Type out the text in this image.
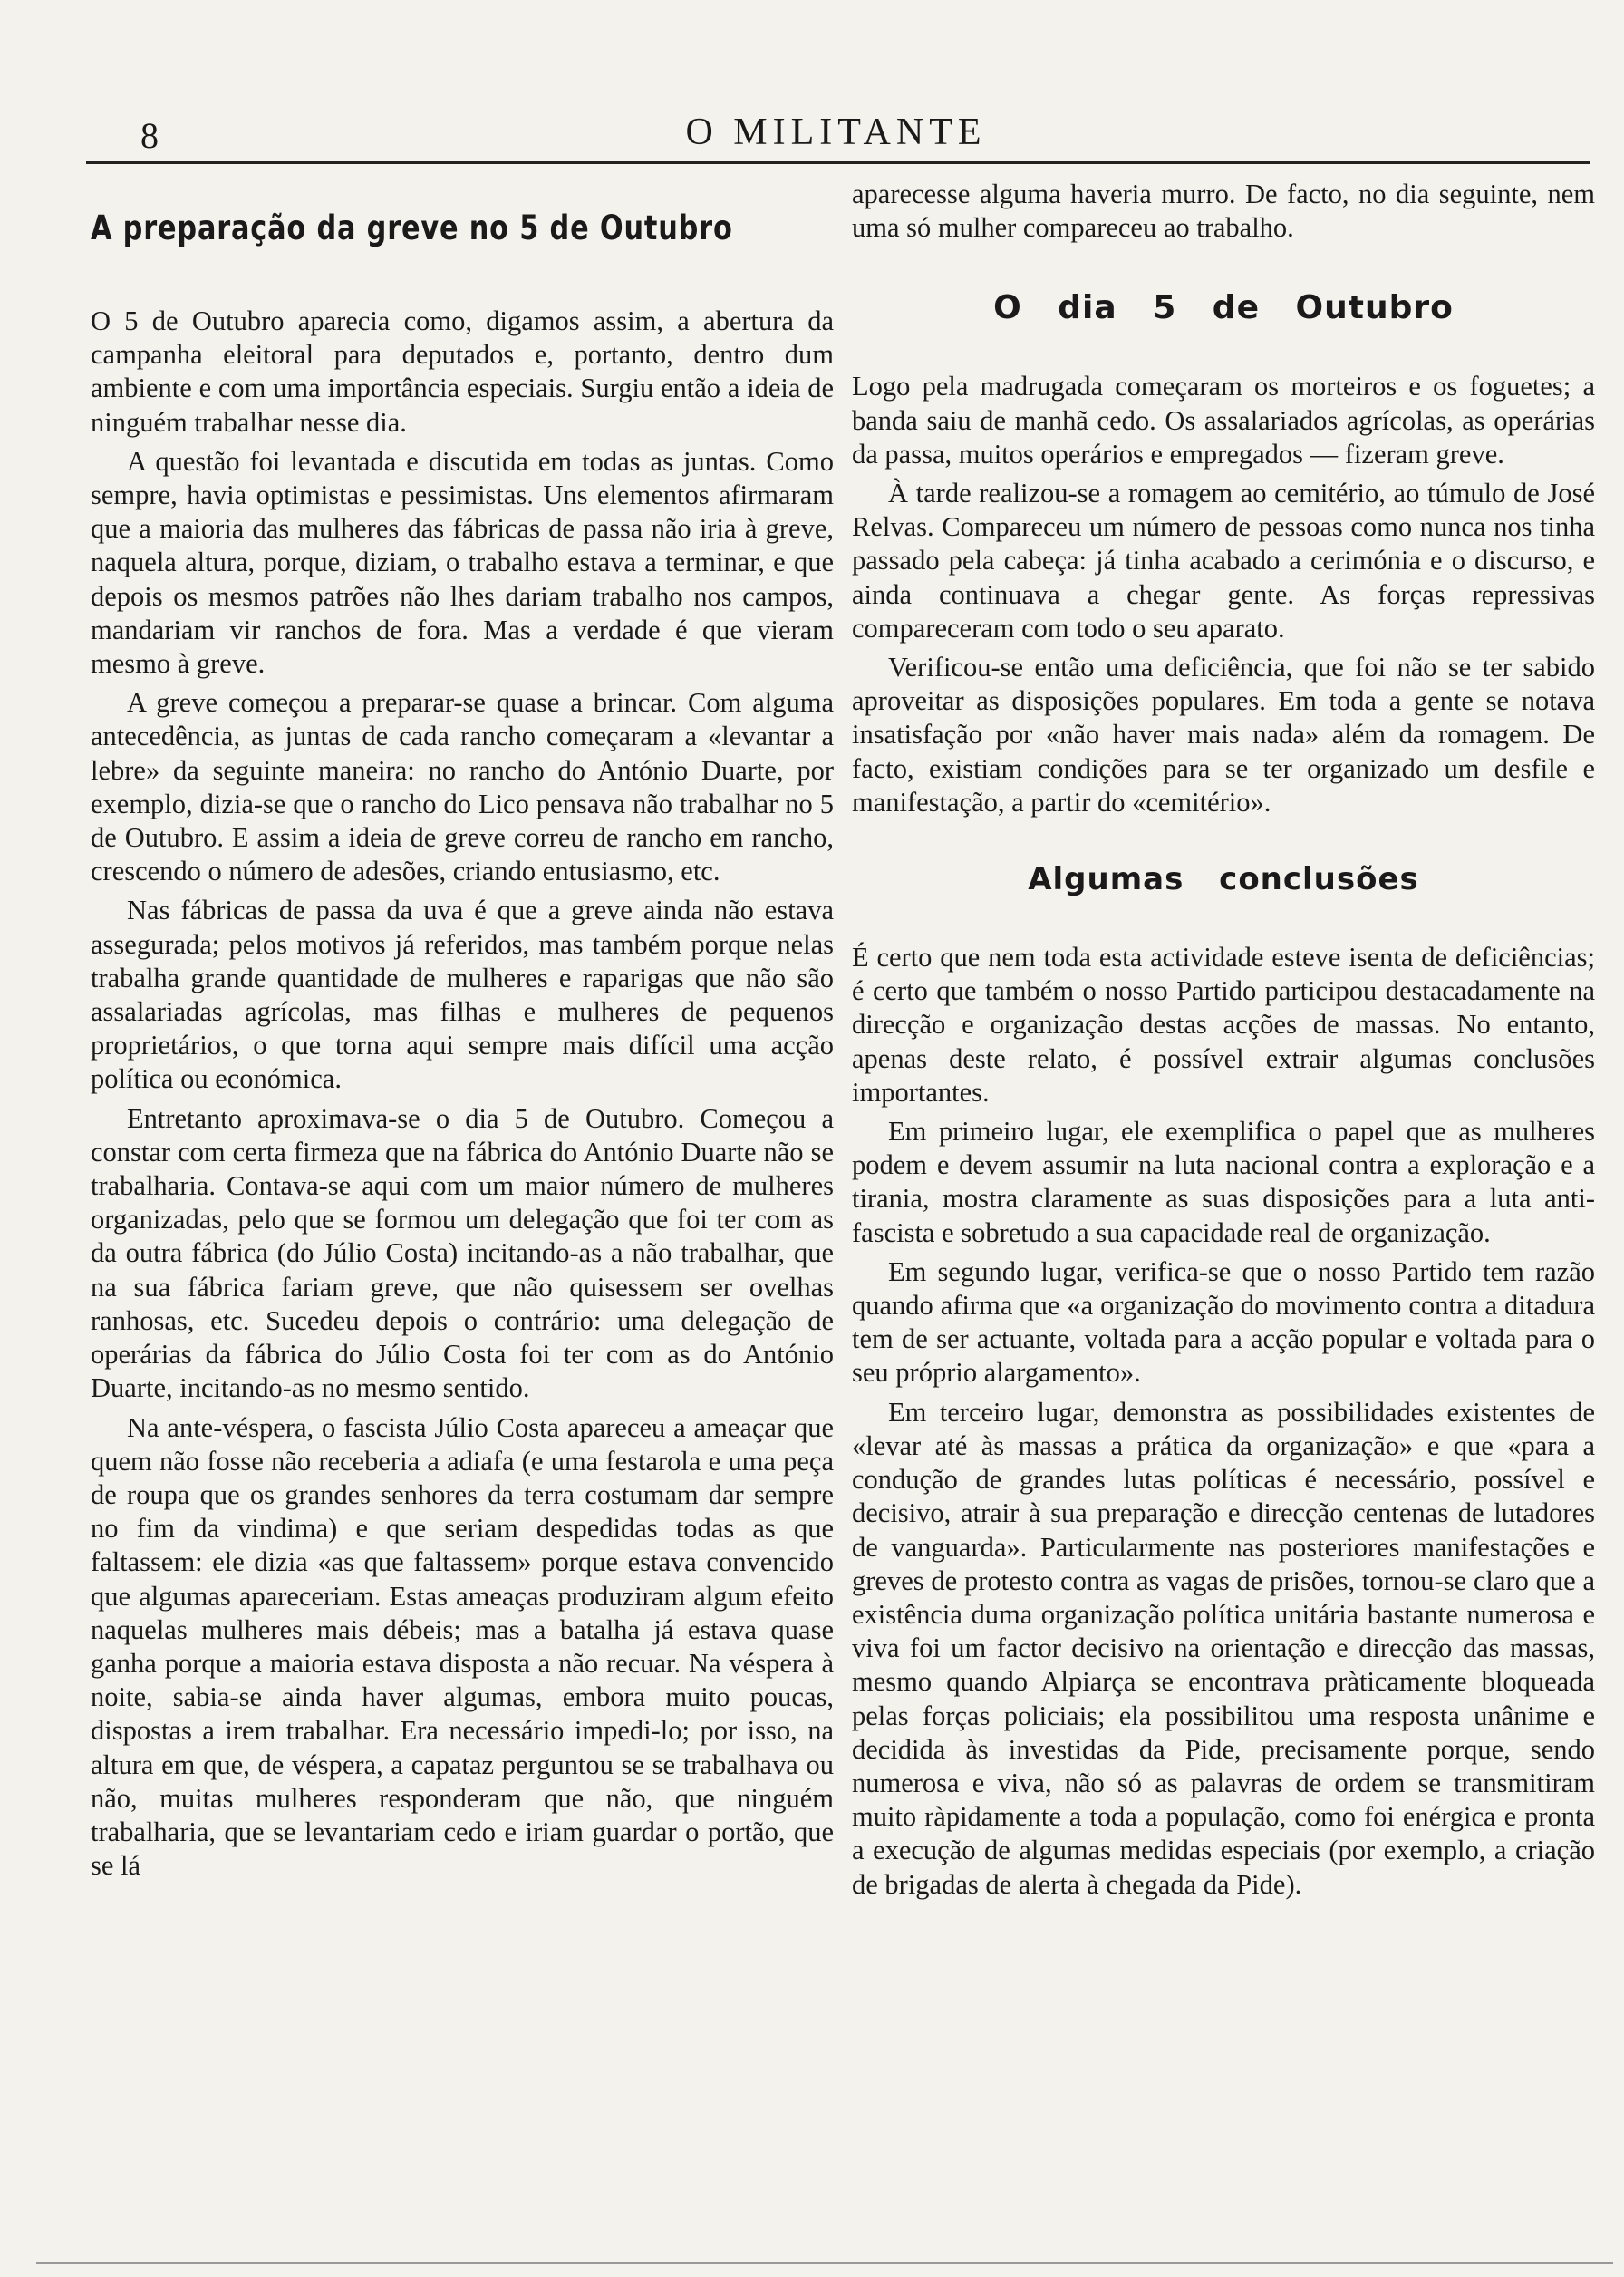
8	O MILITANTE
A preparação da greve no 5 de Outubro

O 5 de Outubro aparecia como, digamos assim, a abertura da campanha eleitoral para deputados e, portanto, dentro dum ambiente e com uma importância especiais. Surgiu então a ideia de ninguém trabalhar nesse dia.

A questão foi levantada e discutida em todas as juntas. Como sempre, havia optimistas e pessimistas. Uns elementos afirmaram que a maioria das mulheres das fábricas de passa não iria à greve, naquela altura, porque, diziam, o trabalho estava a terminar, e que depois os mesmos patrões não lhes dariam trabalho nos campos, mandariam vir ranchos de fora. Mas a verdade é que vieram mesmo à greve.

A greve começou a preparar-se quase a brincar. Com alguma antecedência, as juntas de cada rancho começaram a «levantar a lebre» da seguinte maneira: no rancho do António Duarte, por exemplo, dizia-se que o rancho do Lico pensava não trabalhar no 5 de Outubro. E assim a ideia de greve correu de rancho em rancho, crescendo o número de adesões, criando entusiasmo, etc.

Nas fábricas de passa da uva é que a greve ainda não estava assegurada; pelos motivos já referidos, mas também porque nelas trabalha grande quantidade de mulheres e raparigas que não são assalariadas agrícolas, mas filhas e mulheres de pequenos proprietários, o que torna aqui sempre mais difícil uma acção política ou económica.

Entretanto aproximava-se o dia 5 de Outubro. Começou a constar com certa firmeza que na fábrica do António Duarte não se trabalharia. Contava-se aqui com um maior número de mulheres organizadas, pelo que se formou um delegação que foi ter com as da outra fábrica (do Júlio Costa) incitando-as a não trabalhar, que na sua fábrica fariam greve, que não quisessem ser ovelhas ranhosas, etc. Sucedeu depois o contrário: uma delegação de operárias da fábrica do Júlio Costa foi ter com as do António Duarte, incitando-as no mesmo sentido.

Na ante-véspera, o fascista Júlio Costa apareceu a ameaçar que quem não fosse não receberia a adiafa (e uma festarola e uma peça de roupa que os grandes senhores da terra costumam dar sempre no fim da vindima) e que seriam despedidas todas as que faltassem: ele dizia «as que faltassem» porque estava convencido que algumas apareceriam. Estas ameaças produziram algum efeito naquelas mulheres mais débeis; mas a batalha já estava quase ganha porque a maioria estava disposta a não recuar. Na véspera à noite, sabia-se ainda haver algumas, embora muito poucas, dispostas a irem trabalhar. Era necessário impedi-lo; por isso, na altura em que, de véspera, a capataz perguntou se se trabalhava ou não, muitas mulheres responderam que não, que ninguém trabalharia, que se levantariam cedo e iriam guardar o portão, que se lá

aparecesse alguma haveria murro. De facto, no dia seguinte, nem uma só mulher compareceu ao trabalho.

O dia 5 de Outubro

Logo pela madrugada começaram os morteiros e os foguetes; a banda saiu de manhã cedo. Os assalariados agrícolas, as operárias da passa, muitos operários e empregados — fizeram greve.

À tarde realizou-se a romagem ao cemitério, ao túmulo de José Relvas. Compareceu um número de pessoas como nunca nos tinha passado pela cabeça: já tinha acabado a cerimónia e o discurso, e ainda continuava a chegar gente. As forças repressivas compareceram com todo o seu aparato.

Verificou-se então uma deficiência, que foi não se ter sabido aproveitar as disposições populares. Em toda a gente se notava insatisfação por «não haver mais nada» além da romagem. De facto, existiam condições para se ter organizado um desfile e manifestação, a partir do «cemitério».

Algumas conclusões

É certo que nem toda esta actividade esteve isenta de deficiências; é certo que também o nosso Partido participou destacadamente na direcção e organização destas acções de massas. No entanto, apenas deste relato, é possível extrair algumas conclusões importantes.

Em primeiro lugar, ele exemplifica o papel que as mulheres podem e devem assumir na luta nacional contra a exploração e a tirania, mostra claramente as suas disposições para a luta anti-fascista e sobretudo a sua capacidade real de organização.

Em segundo lugar, verifica-se que o nosso Partido tem razão quando afirma que «a organização do movimento contra a ditadura tem de ser actuante, voltada para a acção popular e voltada para o seu próprio alargamento».

Em terceiro lugar, demonstra as possibilidades existentes de «levar até às massas a prática da organização» e que «para a condução de grandes lutas políticas é necessário, possível e decisivo, atrair à sua preparação e direcção centenas de lutadores de vanguarda». Particularmente nas posteriores manifestações e greves de protesto contra as vagas de prisões, tornou-se claro que a existência duma organização política unitária bastante numerosa e viva foi um factor decisivo na orientação e direcção das massas, mesmo quando Alpiarça se encontrava pràticamente bloqueada pelas forças policiais; ela possibilitou uma resposta unânime e decidida às investidas da Pide, precisamente porque, sendo numerosa e viva, não só as palavras de ordem se transmitiram muito ràpidamente a toda a população, como foi enérgica e pronta a execução de algumas medidas especiais (por exemplo, a criação de brigadas de alerta à chegada da Pide).
